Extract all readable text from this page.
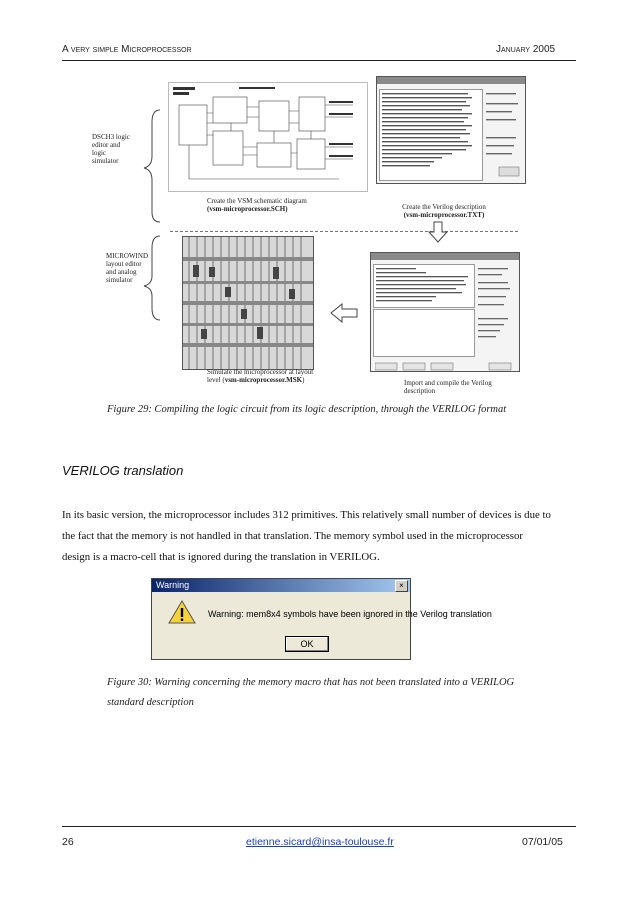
A very simple Microprocessor	January 2005
DSCH3 logic
editor and
logic
simulator
Create the VSM schematic diagram
(vsm-microprocessor.SCH)	Create the Verilog description
(vsm-microprocessor.TXT)
MICROWIND
layout editor
and analog
simulator
Simulate the microprocessor at layout
level (vsm-microprocessor.MSK)	Import and compile the Verilog
description
Figure 29: Compiling the logic circuit from its logic description, through the VERILOG format
VERILOG translation
In its basic version, the microprocessor includes 312 primitives. This relatively small number of devices is due to
the fact that the memory is not handled in that translation. The memory symbol used in the microprocessor
design is a macro-cell that is ignored during the translation in VERILOG.
Warning	×
Warning: mem8x4 symbols have been ignored in the Verilog translation
OK
Figure 30: Warning concerning the memory macro that has not been translated into a VERILOG
standard description
26	etienne.sicard@insa-toulouse.fr	07/01/05
